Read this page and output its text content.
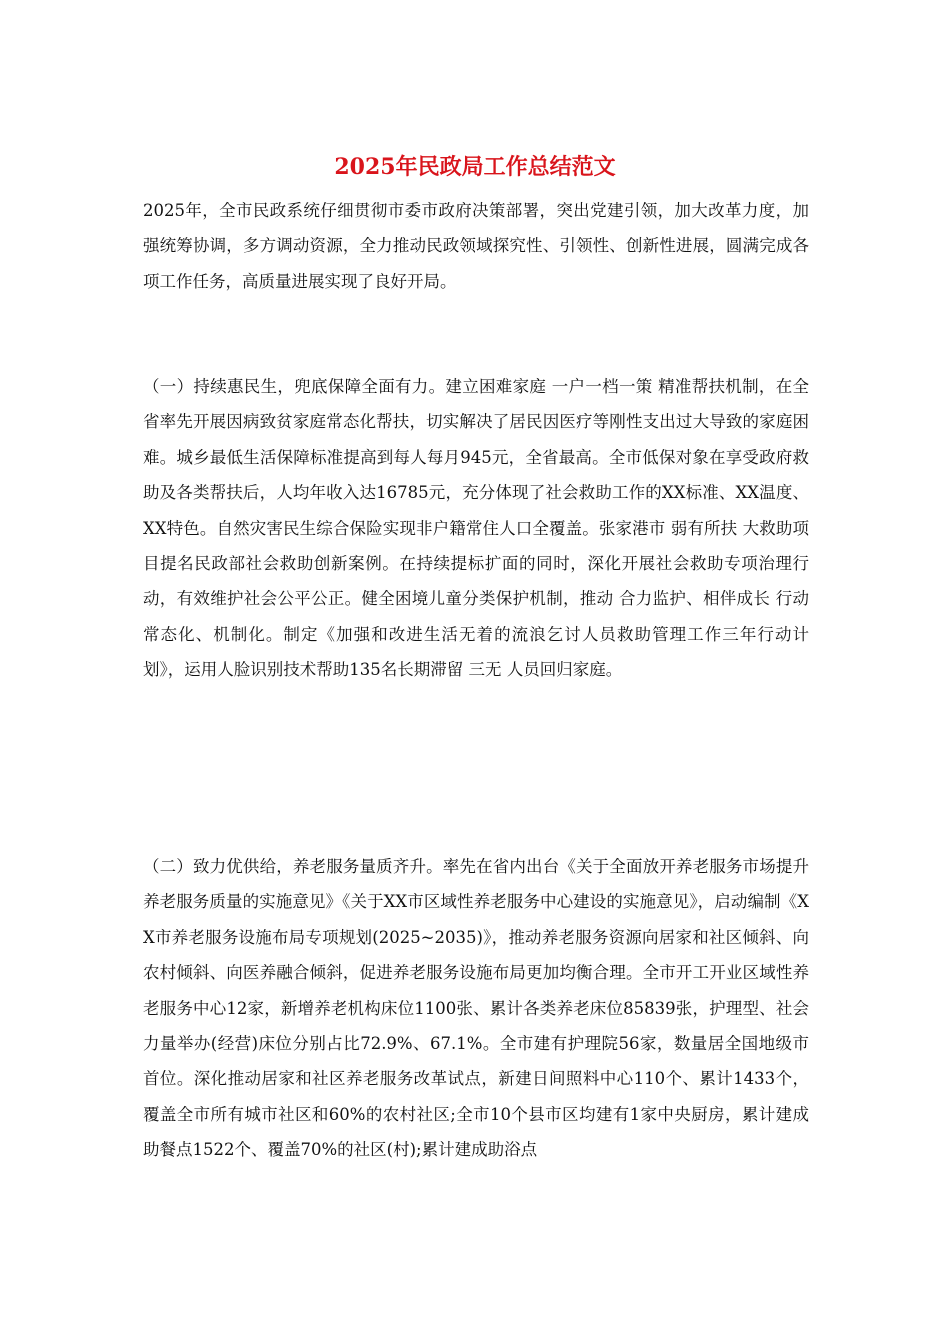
2025年民政局工作总结范文

2025年，全市民政系统仔细贯彻市委市政府决策部署，突出党建引领，加大改革力度，加强统筹协调，多方调动资源，全力推动民政领域探究性、引领性、创新性进展，圆满完成各项工作任务，高质量进展实现了良好开局。

（一）持续惠民生，兜底保障全面有力。建立困难家庭 一户一档一策 精准帮扶机制，在全省率先开展因病致贫家庭常态化帮扶，切实解决了居民因医疗等刚性支出过大导致的家庭困难。城乡最低生活保障标准提高到每人每月945元，全省最高。全市低保对象在享受政府救助及各类帮扶后，人均年收入达16785元，充分体现了社会救助工作的XX标准、XX温度、XX特色。自然灾害民生综合保险实现非户籍常住人口全覆盖。张家港市 弱有所扶 大救助项目提名民政部社会救助创新案例。在持续提标扩面的同时，深化开展社会救助专项治理行动，有效维护社会公平公正。健全困境儿童分类保护机制，推动 合力监护、相伴成长 行动常态化、机制化。制定《加强和改进生活无着的流浪乞讨人员救助管理工作三年行动计划》，运用人脸识别技术帮助135名长期滞留 三无 人员回归家庭。

（二）致力优供给，养老服务量质齐升。率先在省内出台《关于全面放开养老服务市场提升养老服务质量的实施意见》《关于XX市区域性养老服务中心建设的实施意见》，启动编制《XX市养老服务设施布局专项规划(2025~2035)》，推动养老服务资源向居家和社区倾斜、向农村倾斜、向医养融合倾斜，促进养老服务设施布局更加均衡合理。全市开工开业区域性养老服务中心12家，新增养老机构床位1100张、累计各类养老床位85839张，护理型、社会力量举办(经营)床位分别占比72.9%、67.1%。全市建有护理院56家，数量居全国地级市首位。深化推动居家和社区养老服务改革试点，新建日间照料中心110个、累计1433个，覆盖全市所有城市社区和60%的农村社区;全市10个县市区均建有1家中央厨房，累计建成助餐点1522个、覆盖70%的社区(村);累计建成助浴点
